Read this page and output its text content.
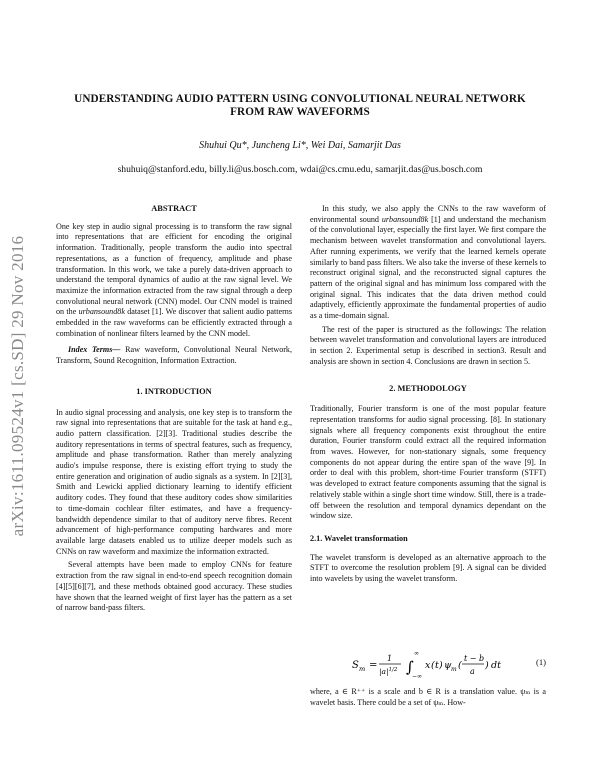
arXiv:1611.09524v1 [cs.SD] 29 Nov 2016
UNDERSTANDING AUDIO PATTERN USING CONVOLUTIONAL NEURAL NETWORK
FROM RAW WAVEFORMS
Shuhui Qu*, Juncheng Li*, Wei Dai, Samarjit Das
shuhuiq@stanford.edu, billy.li@us.bosch.com, wdai@cs.cmu.edu, samarjit.das@us.bosch.com
ABSTRACT

One key step in audio signal processing is to transform the raw signal into representations that are efficient for encoding the original information. Traditionally, people transform the audio into spectral representations, as a function of frequency, amplitude and phase transformation. In this work, we take a purely data-driven approach to understand the temporal dynamics of audio at the raw signal level. We maximize the information extracted from the raw signal through a deep convolutional neural network (CNN) model. Our CNN model is trained on the urbansound8k dataset [1]. We discover that salient audio patterns embedded in the raw waveforms can be efficiently extracted through a combination of nonlinear filters learned by the CNN model.

Index Terms— Raw waveform, Convolutional Neural Network, Transform, Sound Recognition, Information Extraction.

1. INTRODUCTION

In audio signal processing and analysis, one key step is to transform the raw signal into representations that are suitable for the task at hand e.g., audio pattern classification. [2][3]. Traditional studies describe the auditory representations in terms of spectral features, such as frequency, amplitude and phase transformation. Rather than merely analyzing audio's impulse response, there is existing effort trying to study the entire generation and origination of audio signals as a system. In [2][3], Smith and Lewicki applied dictionary learning to identify efficient auditory codes. They found that these auditory codes show similarities to time-domain cochlear filter estimates, and have a frequency-bandwidth dependence similar to that of auditory nerve fibres. Recent advancement of high-performance computing hardwares and more available large datasets enabled us to utilize deeper models such as CNNs on raw waveform and maximize the information extracted.

Several attempts have been made to employ CNNs for feature extraction from the raw signal in end-to-end speech recognition domain [4][5][6][7], and these methods obtained good accuracy. These studies have shown that the learned weight of first layer has the pattern as a set of narrow band-pass filters.

In this study, we also apply the CNNs to the raw waveform of environmental sound urbansound8k [1] and understand the mechanism of the convolutional layer, especially the first layer. We first compare the mechanism between wavelet transformation and convolutional layers. After running experiments, we verify that the learned kernels operate similarly to band pass filters. We also take the inverse of these kernels to reconstruct original signal, and the reconstructed signal captures the pattern of the original signal and has minimum loss compared with the original signal. This indicates that the data driven method could adaptively, efficiently approximate the fundamental properties of audio as a time-domain signal.

The rest of the paper is structured as the followings: The relation between wavelet transformation and convolutional layers are introduced in section 2. Experimental setup is described in section3. Result and analysis are shown in section 4. Conclusions are drawn in section 5.

2. METHODOLOGY

Traditionally, Fourier transform is one of the most popular feature representation transforms for audio signal processing. [8]. In stationary signals where all frequency components exist throughout the entire duration, Fourier transform could extract all the required information from waves. However, for non-stationary signals, some frequency components do not appear during the entire span of the wave [9]. In order to deal with this problem, short-time Fourier transform (STFT) was developed to extract feature components assuming that the signal is relatively stable within a single short time window. Still, there is a trade-off between the resolution and temporal dynamics dependant on the window size.

2.1. Wavelet transformation

The wavelet transform is developed as an alternative approach to the STFT to overcome the resolution problem [9]. A signal can be divided into wavelets by using the wavelet transform.

S m =
1
$|a|^{1/2}$ ∫
∞
−∞
x ( t ) ψ m (
t − b
a
) dt	(1)

where, a ∈ R⁺⁺ is a scale and b ∈ R is a translation value. ψₘ is a wavelet basis. There could be a set of ψₘ. How-
